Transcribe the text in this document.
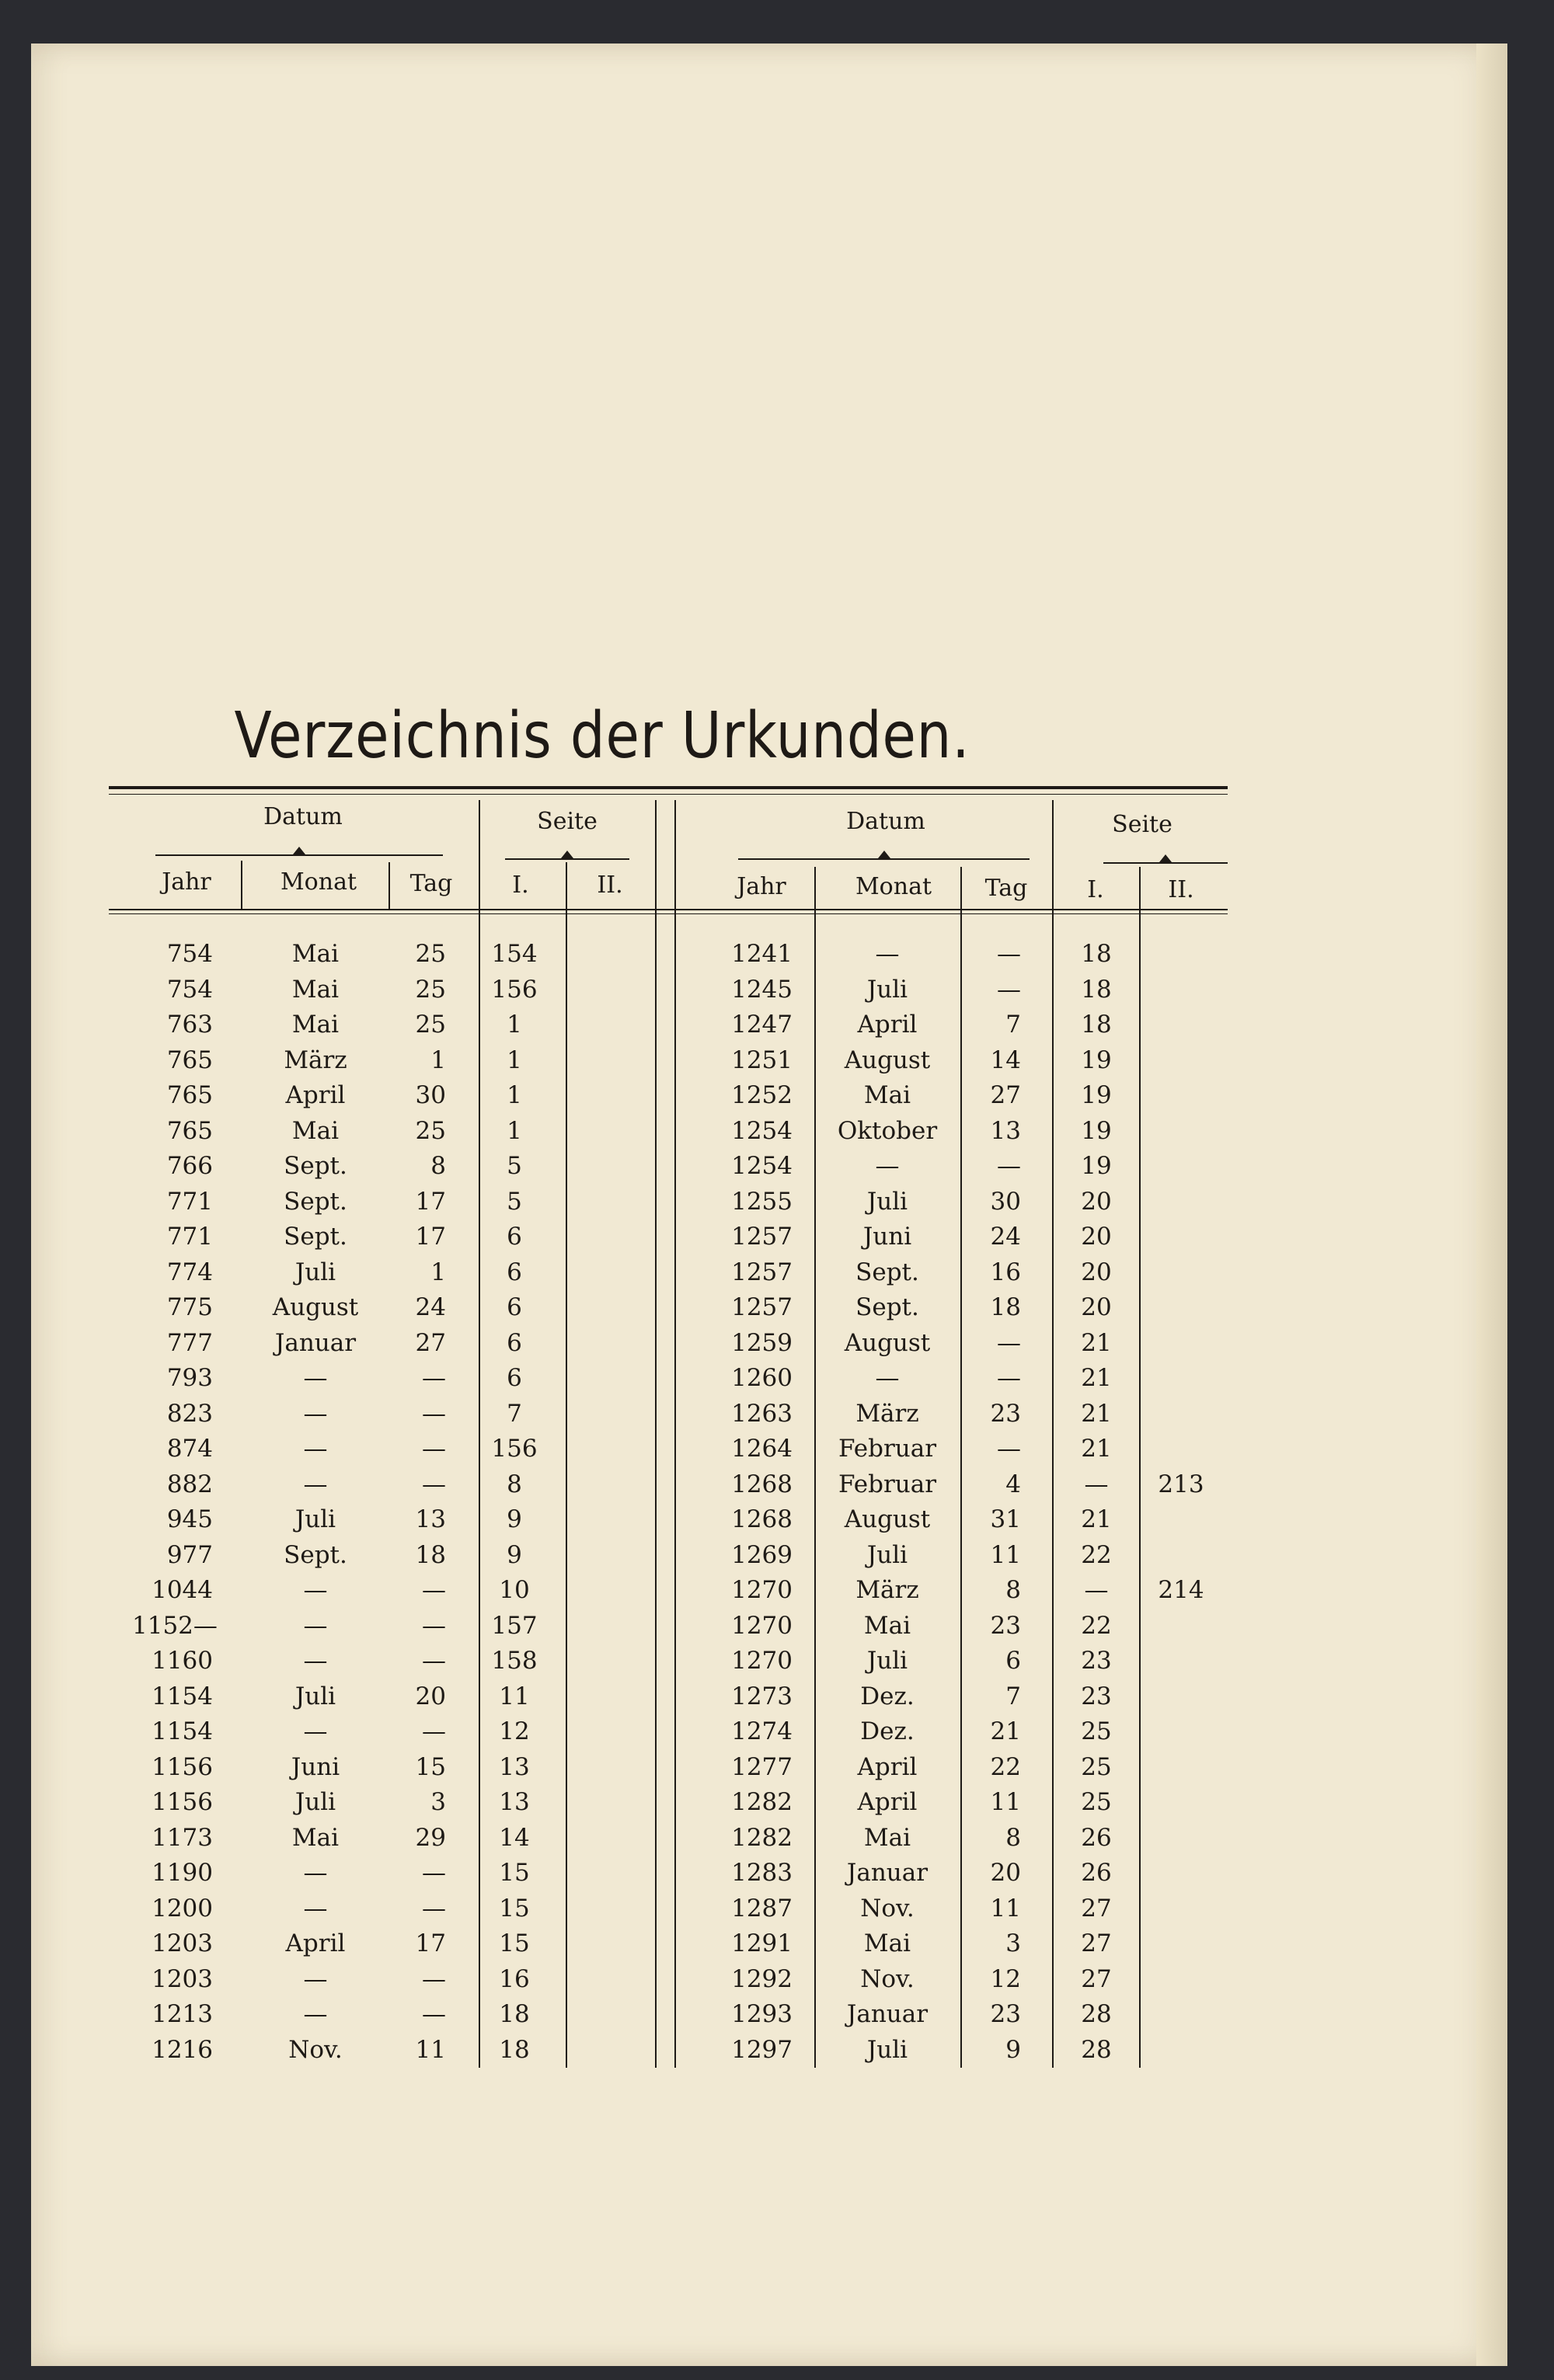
Verzeichnis der Urkunden.
Datum	Seite	Datum	Seite
Jahr	Monat	Tag	I.	II.	Jahr	Monat	Tag	I.	II.
754	Mai	25	154
754	Mai	25	156
763	Mai	25	1
765	März	1	1
765	April	30	1
765	Mai	25	1
766	Sept.	8	5
771	Sept.	17	5
771	Sept.	17	6
774	Juli	1	6
775	August	24	6
777	Januar	27	6
793	—	—	6
823	—	—	7
874	—	—	156
882	—	—	8
945	Juli	13	9
977	Sept.	18	9
1044	—	—	10
1152—	—	—	157
1160	—	—	158
1154	Juli	20	11
1154	—	—	12
1156	Juni	15	13
1156	Juli	3	13
1173	Mai	29	14
1190	—	—	15
1200	—	—	15
1203	April	17	15
1203	—	—	16
1213	—	—	18
1216	Nov.	11	18
1241	—	—	18
1245	Juli	—	18
1247	April	7	18
1251	August	14	19
1252	Mai	27	19
1254	Oktober	13	19
1254	—	—	19
1255	Juli	30	20
1257	Juni	24	20
1257	Sept.	16	20
1257	Sept.	18	20
1259	August	—	21
1260	—	—	21
1263	März	23	21
1264	Februar	—	21
1268	Februar	4	—	213
1268	August	31	21
1269	Juli	11	22
1270	März	8	—	214
1270	Mai	23	22
1270	Juli	6	23
1273	Dez.	7	23
1274	Dez.	21	25
1277	April	22	25
1282	April	11	25
1282	Mai	8	26
1283	Januar	20	26
1287	Nov.	11	27
1291	Mai	3	27
1292	Nov.	12	27
1293	Januar	23	28
1297	Juli	9	28
